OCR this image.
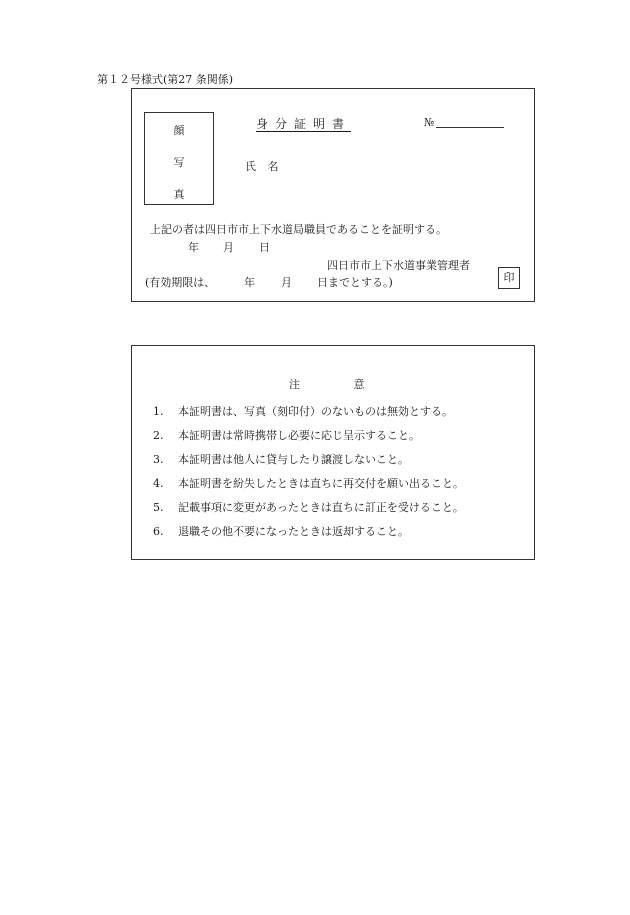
第１２号様式(第27 条関係)
顔
写
真
身分証明書	№
氏 名
上記の者は四日市市上下水道局職員であることを証明する。
年 月 日
四日市市上下水道事業管理者
(有効期限は、	年 月 日までとする。)	印
注 意
1. 本証明書は、写真（刻印付）のないものは無効とする。
2. 本証明書は常時携帯し必要に応じ呈示すること。
3. 本証明書は他人に貸与したり譲渡しないこと。
4. 本証明書を紛失したときは直ちに再交付を願い出ること。
5. 記載事項に変更があったときは直ちに訂正を受けること。
6. 退職その他不要になったときは返却すること。
